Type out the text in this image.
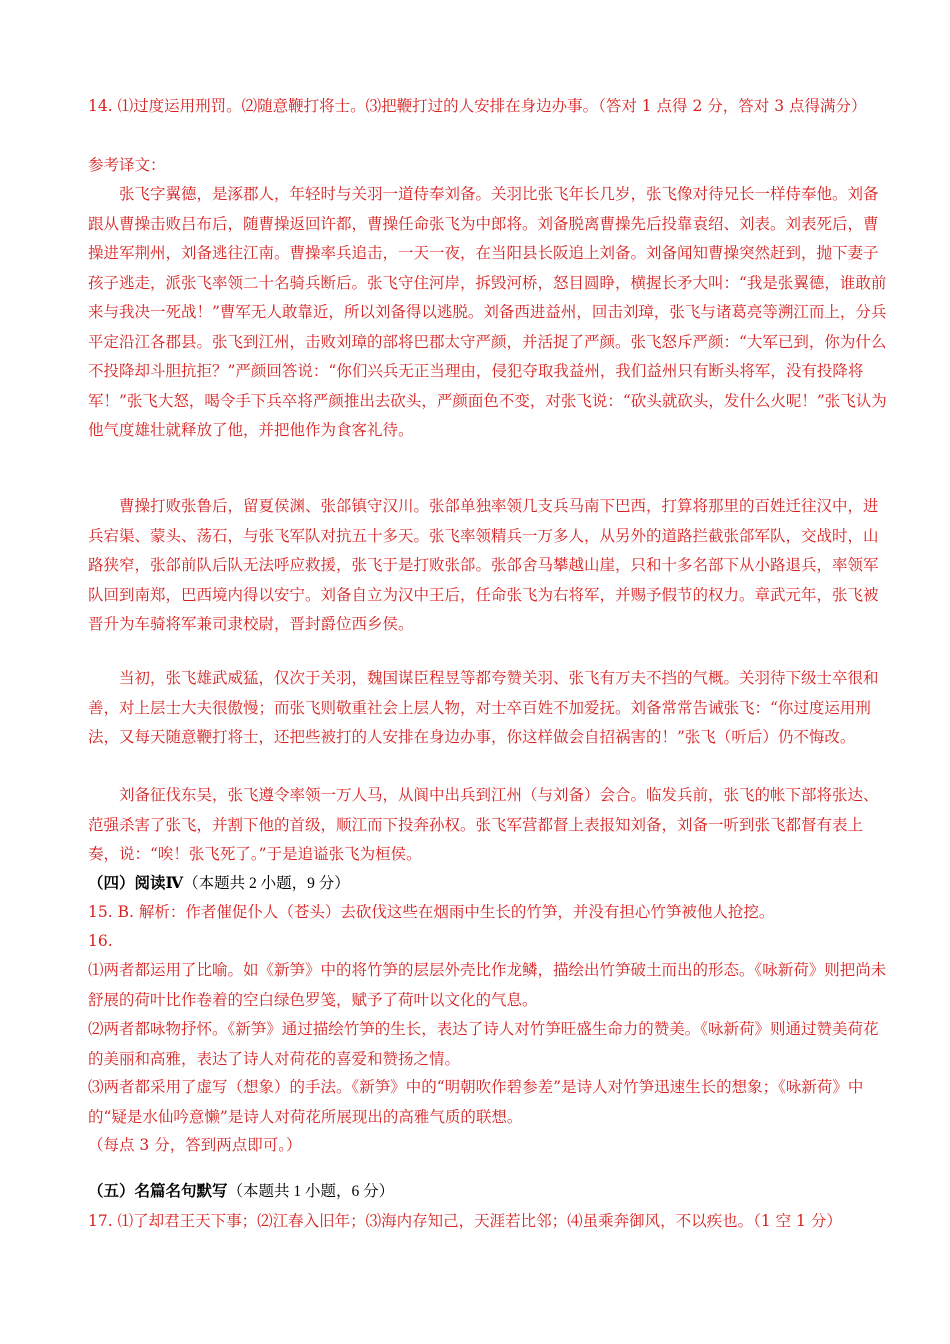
14. ⑴过度运用刑罚。⑵随意鞭打将士。⑶把鞭打过的人安排在身边办事。（答对 1 点得 2 分，答对 3 点得满分）

参考译文：

张飞字翼德，是涿郡人，年轻时与关羽一道侍奉刘备。关羽比张飞年长几岁，张飞像对待兄长一样侍奉他。刘备跟从曹操击败吕布后，随曹操返回许都，曹操任命张飞为中郎将。刘备脱离曹操先后投靠袁绍、刘表。刘表死后，曹操进军荆州，刘备逃往江南。曹操率兵追击，一天一夜，在当阳县长阪追上刘备。刘备闻知曹操突然赶到，抛下妻子孩子逃走，派张飞率领二十名骑兵断后。张飞守住河岸，拆毁河桥，怒目圆睁，横握长矛大叫：“我是张翼德，谁敢前来与我决一死战！”曹军无人敢靠近，所以刘备得以逃脱。刘备西进益州，回击刘璋，张飞与诸葛亮等溯江而上，分兵平定沿江各郡县。张飞到江州，击败刘璋的部将巴郡太守严颜，并活捉了严颜。张飞怒斥严颜：“大军已到，你为什么不投降却斗胆抗拒？”严颜回答说：“你们兴兵无正当理由，侵犯夺取我益州，我们益州只有断头将军，没有投降将军！”张飞大怒，喝令手下兵卒将严颜推出去砍头，严颜面色不变，对张飞说：“砍头就砍头，发什么火呢！”张飞认为他气度雄壮就释放了他，并把他作为食客礼待。

曹操打败张鲁后，留夏侯渊、张郃镇守汉川。张郃单独率领几支兵马南下巴西，打算将那里的百姓迁往汉中，进兵宕渠、蒙头、荡石，与张飞军队对抗五十多天。张飞率领精兵一万多人，从另外的道路拦截张郃军队，交战时，山路狭窄，张郃前队后队无法呼应救援，张飞于是打败张郃。张郃舍马攀越山崖，只和十多名部下从小路退兵，率领军队回到南郑，巴西境内得以安宁。刘备自立为汉中王后，任命张飞为右将军，并赐予假节的权力。章武元年，张飞被晋升为车骑将军兼司隶校尉，晋封爵位西乡侯。

当初，张飞雄武威猛，仅次于关羽，魏国谋臣程昱等都夸赞关羽、张飞有万夫不挡的气概。关羽待下级士卒很和善，对上层士大夫很傲慢；而张飞则敬重社会上层人物，对士卒百姓不加爱抚。刘备常常告诫张飞：“你过度运用刑法，又每天随意鞭打将士，还把些被打的人安排在身边办事，你这样做会自招祸害的！”张飞（听后）仍不悔改。

刘备征伐东吴，张飞遵令率领一万人马，从阆中出兵到江州（与刘备）会合。临发兵前，张飞的帐下部将张达、范强杀害了张飞，并割下他的首级，顺江而下投奔孙权。张飞军营都督上表报知刘备，刘备一听到张飞都督有表上奏，说：“唉！张飞死了。”于是追谥张飞为桓侯。

（四）阅读Ⅳ（本题共 2 小题，9 分）

15. B. 解析：作者催促仆人（苍头）去砍伐这些在烟雨中生长的竹笋，并没有担心竹笋被他人抢挖。

16.

⑴两者都运用了比喻。如《新笋》中的将竹笋的层层外壳比作龙鳞，描绘出竹笋破土而出的形态。《咏新荷》则把尚未舒展的荷叶比作卷着的空白绿色罗笺，赋予了荷叶以文化的气息。

⑵两者都咏物抒怀。《新笋》通过描绘竹笋的生长，表达了诗人对竹笋旺盛生命力的赞美。《咏新荷》则通过赞美荷花的美丽和高雅，表达了诗人对荷花的喜爱和赞扬之情。

⑶两者都采用了虚写（想象）的手法。《新笋》中的“明朝吹作碧参差”是诗人对竹笋迅速生长的想象；《咏新荷》中的“疑是水仙吟意懒”是诗人对荷花所展现出的高雅气质的联想。

（每点 3 分，答到两点即可。）

（五）名篇名句默写（本题共 1 小题，6 分）

17. ⑴了却君王天下事；⑵江春入旧年；⑶海内存知己，天涯若比邻；⑷虽乘奔御风，不以疾也。（1 空 1 分）
